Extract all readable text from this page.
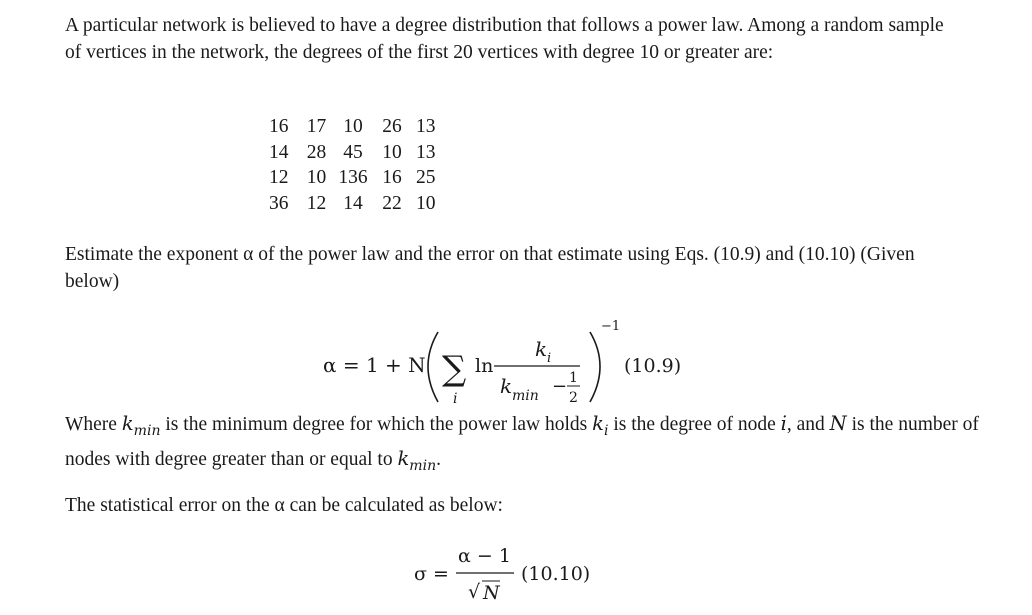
A particular network is believed to have a degree distribution that follows a power law. Among a random sample of vertices in the network, the degrees of the first 20 vertices with degree 10 or greater are:
16	17	10	26	13
14	28	45	10	13
12	10	136	16	25
36	12	14	22	10
Estimate the exponent α of the power law and the error on that estimate using Eqs. (10.9) and (10.10) (Given below)
α = 1 + N ∑
i
ln
k i
k min − 1
2
−1
(10.9)
Where $k_{min}$ is the minimum degree for which the power law holds $k_i$ is the degree of node i, and N is the number of nodes with degree greater than or equal to $k_{min}$.
The statistical error on the α can be calculated as below:
σ =
α − 1
√ N
(10.10)
